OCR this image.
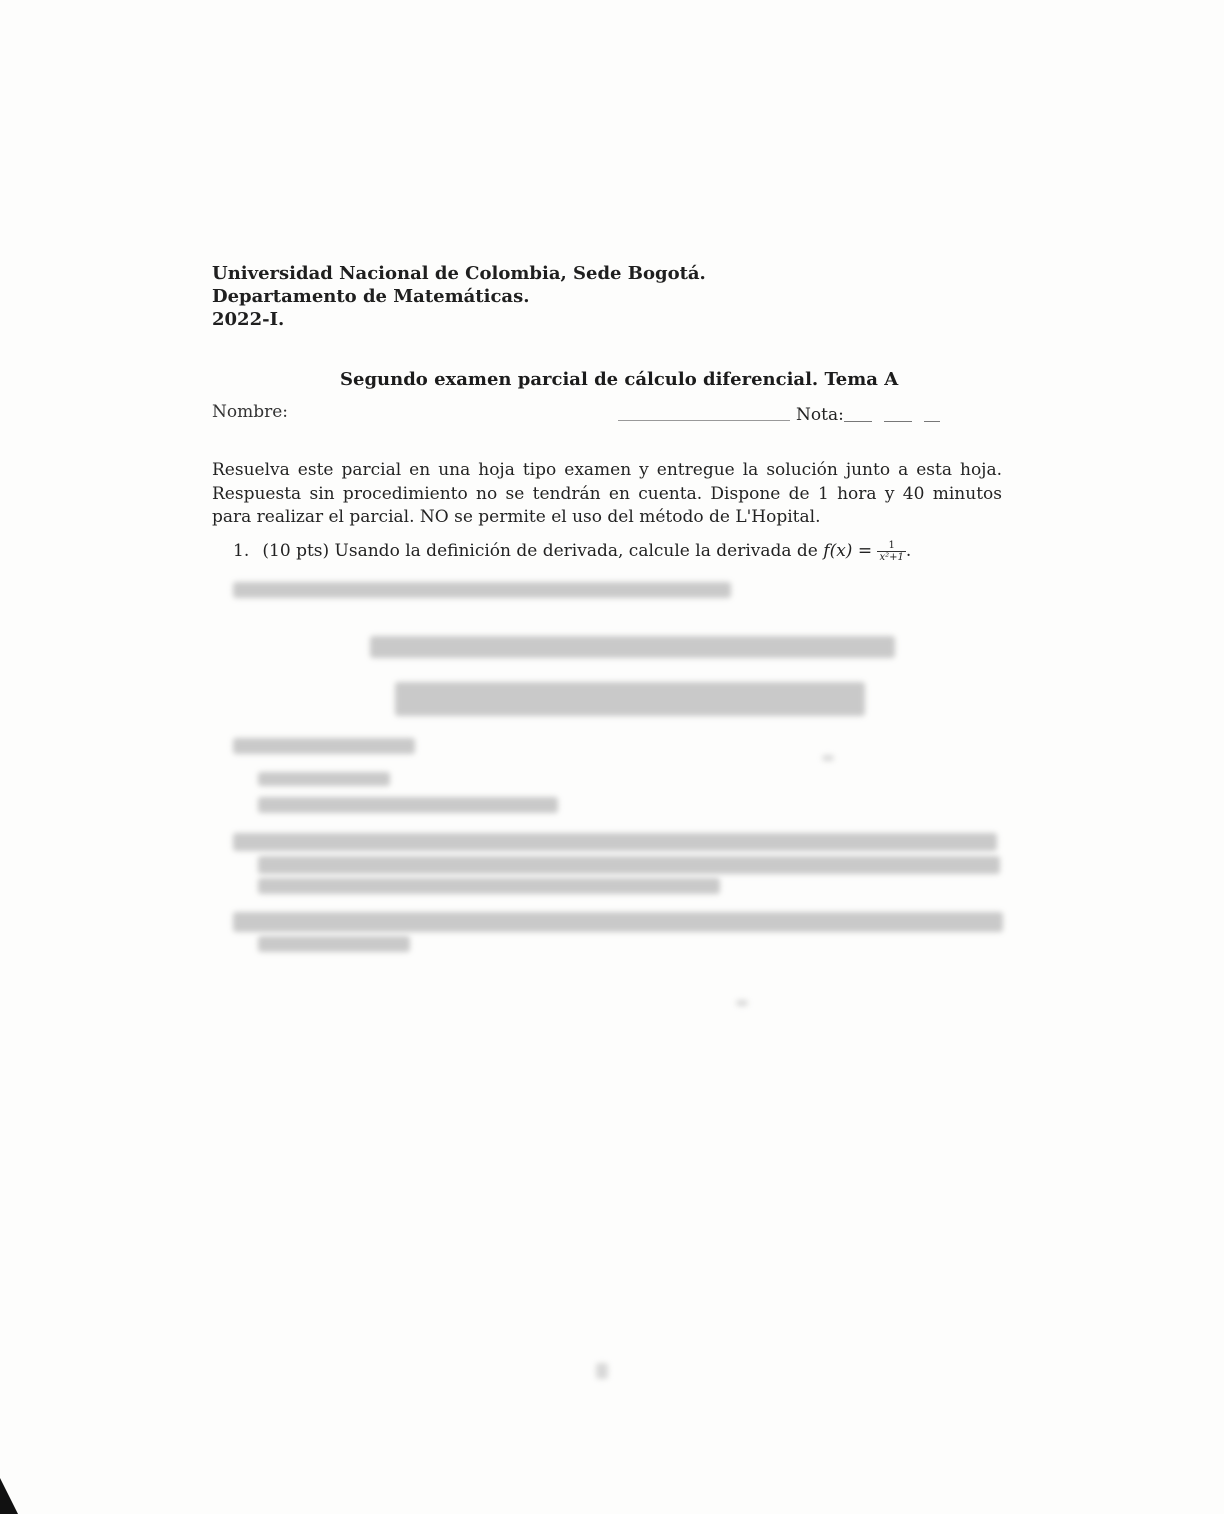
Universidad Nacional de Colombia, Sede Bogotá.
Departamento de Matemáticas.
2022-I.
Segundo examen parcial de cálculo diferencial. Tema A
Nombre:	Nota:

Resuelva este parcial en una hoja tipo examen y entregue la solución junto a esta hoja. Respuesta sin procedimiento no se tendrán en cuenta. Dispone de 1 hora y 40 minutos para realizar el parcial. NO se permite el uso del método de L'Hopital.

1. (10 pts) Usando la definición de derivada, calcule la derivada de $f(x) = \frac{1}{\text{x²+1}}$ .
